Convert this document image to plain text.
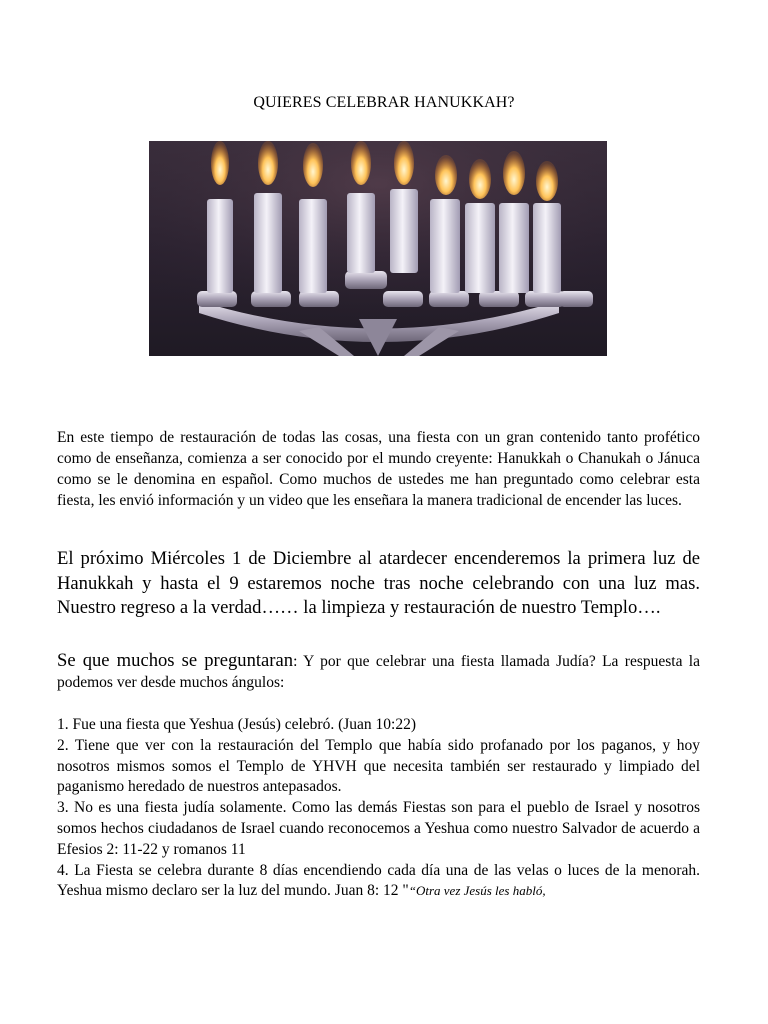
QUIERES CELEBRAR HANUKKAH?
En este tiempo de restauración de todas las cosas, una fiesta con un gran contenido tanto profético como de enseñanza, comienza a ser conocido por el mundo creyente: Hanukkah o Chanukah o Jánuca como se le denomina en español. Como muchos de ustedes me han preguntado como celebrar esta fiesta, les envió información y un video que les enseñara la manera tradicional de encender las luces.
El próximo Miércoles 1 de Diciembre al atardecer encenderemos la primera luz de Hanukkah y hasta el 9 estaremos noche tras noche celebrando con una luz mas. Nuestro regreso a la verdad…… la limpieza y restauración de nuestro Templo….
Se que muchos se preguntaran: Y por que celebrar una fiesta llamada Judía? La respuesta la podemos ver desde muchos ángulos:
1. Fue una fiesta que Yeshua (Jesús) celebró. (Juan 10:22)
2. Tiene que ver con la restauración del Templo que había sido profanado por los paganos, y hoy nosotros mismos somos el Templo de YHVH que necesita también ser restaurado y limpiado del paganismo heredado de nuestros antepasados.
3. No es una fiesta judía solamente. Como las demás Fiestas son para el pueblo de Israel y nosotros somos hechos ciudadanos de Israel cuando reconocemos a Yeshua como nuestro Salvador de acuerdo a Efesios 2: 11-22 y romanos 11
4. La Fiesta se celebra durante 8 días encendiendo cada día una de las velas o luces de la menorah. Yeshua mismo declaro ser la luz del mundo. Juan 8: 12 "“Otra vez Jesús les habló,
